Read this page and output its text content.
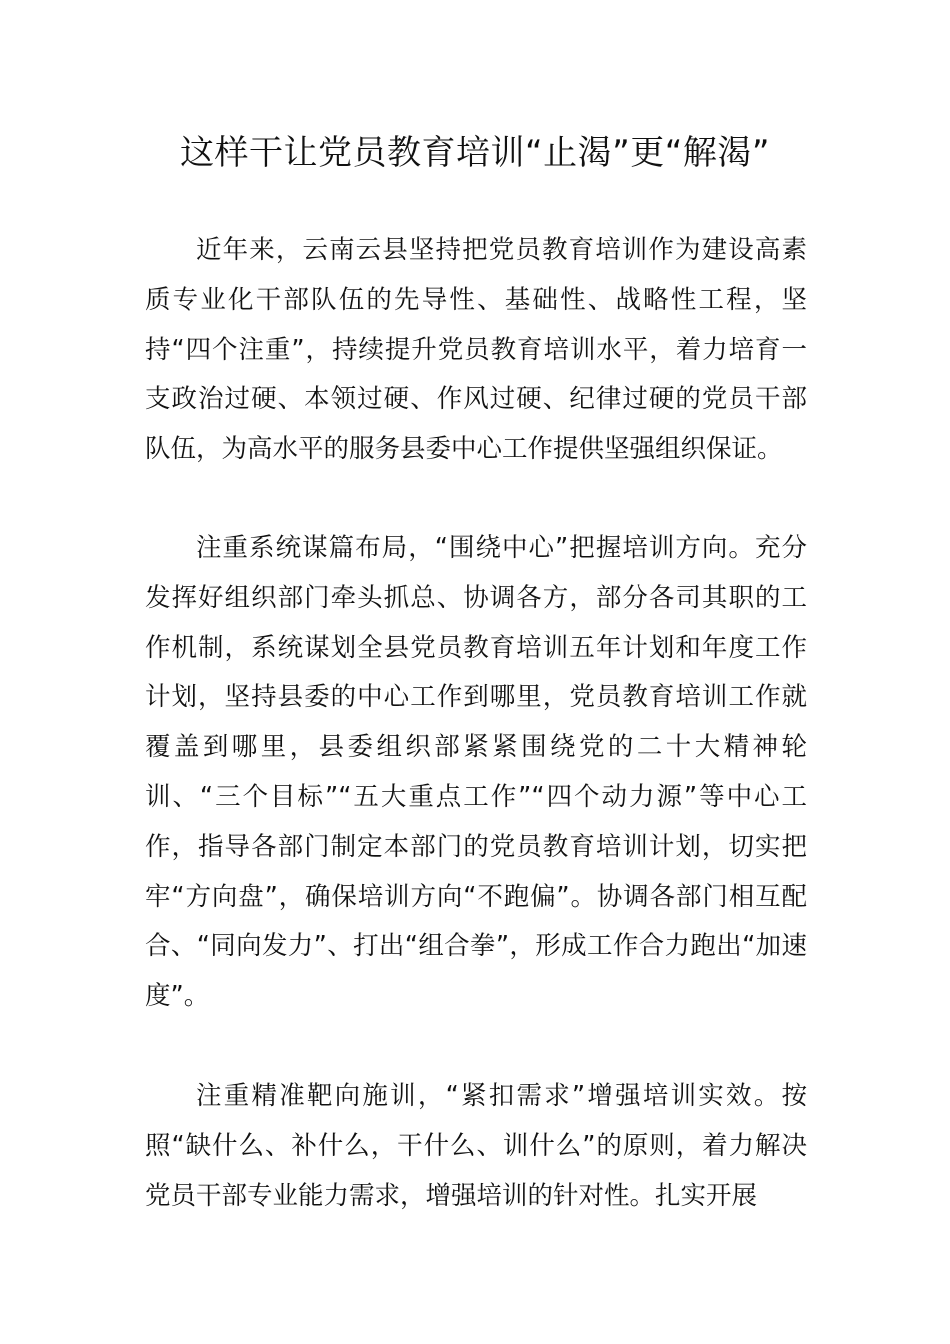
这样干让党员教育培训“止渴”更“解渴”

近年来，云南云县坚持把党员教育培训作为建设高素质专业化干部队伍的先导性、基础性、战略性工程，坚持“四个注重”，持续提升党员教育培训水平，着力培育一支政治过硬、本领过硬、作风过硬、纪律过硬的党员干部队伍，为高水平的服务县委中心工作提供坚强组织保证。

注重系统谋篇布局，“围绕中心”把握培训方向。充分发挥好组织部门牵头抓总、协调各方，部分各司其职的工作机制，系统谋划全县党员教育培训五年计划和年度工作计划，坚持县委的中心工作到哪里，党员教育培训工作就覆盖到哪里，县委组织部紧紧围绕党的二十大精神轮训、“三个目标”“五大重点工作”“四个动力源”等中心工作，指导各部门制定本部门的党员教育培训计划，切实把牢“方向盘”，确保培训方向“不跑偏”。协调各部门相互配合、“同向发力”、打出“组合拳”，形成工作合力跑出“加速度”。

注重精准靶向施训，“紧扣需求”增强培训实效。按照“缺什么、补什么，干什么、训什么”的原则，着力解决党员干部专业能力需求，增强培训的针对性。扎实开展
